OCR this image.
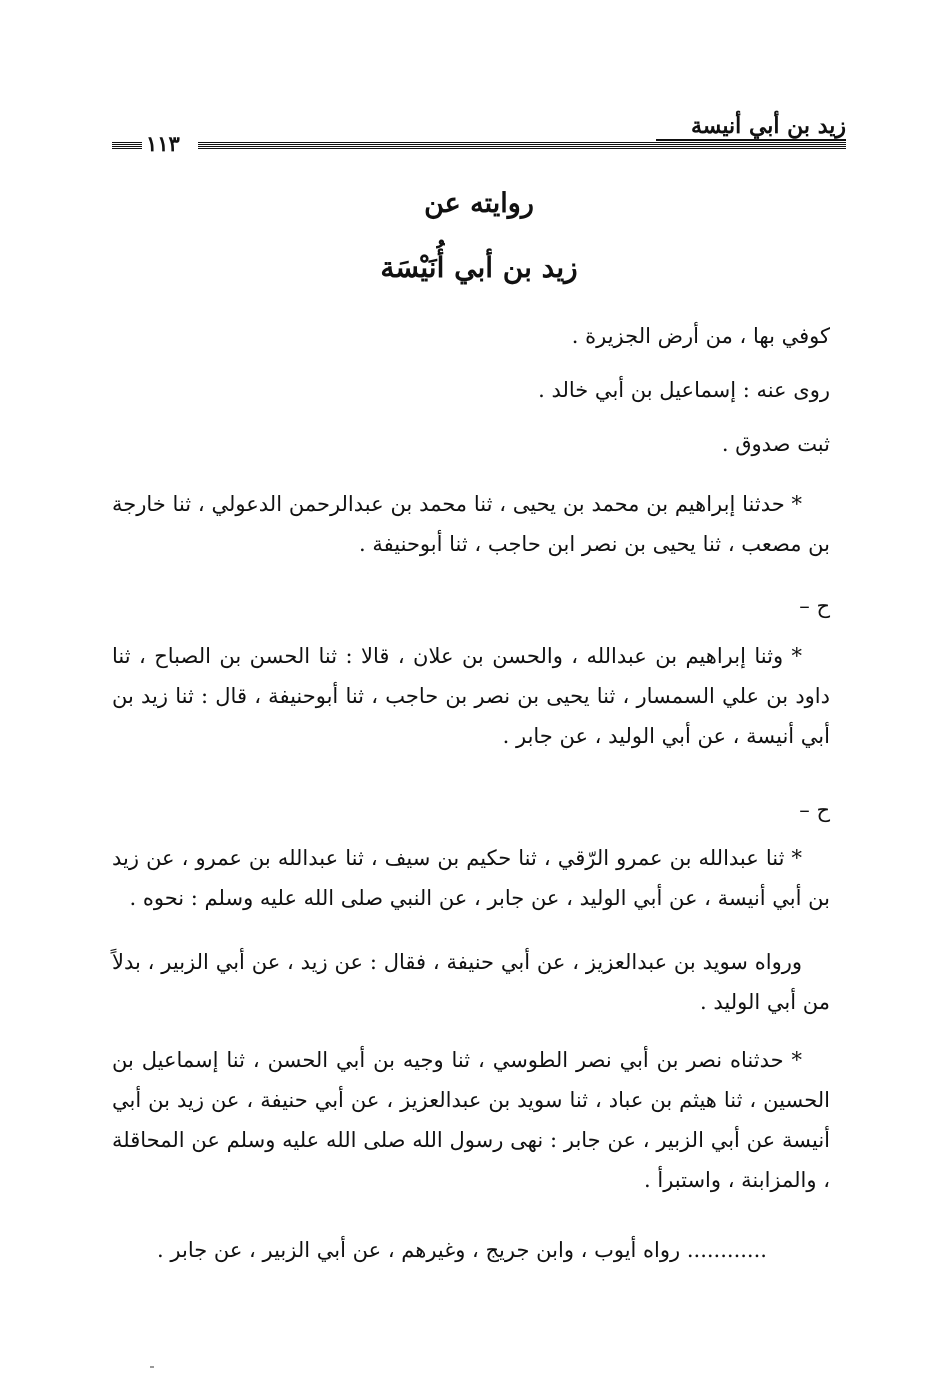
١١٣
زيد بن أبي أنيسة
روايته عن
زيد بن أبي أُنَيْسَة
كوفي بها ، من أرض الجزيرة .
روى عنه : إسماعيل بن أبي خالد .
ثبت صدوق .
* حدثنا إبراهيم بن محمد بن يحيى ، ثنا محمد بن عبدالرحمن الدعولي ، ثنا خارجة بن مصعب ، ثنا يحيى بن نصر ابن حاجب ، ثنا أبوحنيفة .
ح –
* وثنا إبراهيم بن عبدالله ، والحسن بن علان ، قالا : ثنا الحسن بن الصباح ، ثنا داود بن علي السمسار ، ثنا يحيى بن نصر بن حاجب ، ثنا أبوحنيفة ، قال : ثنا زيد بن أبي أنيسة ، عن أبي الوليد ، عن جابر .
ح –
* ثنا عبدالله بن عمرو الرّقي ، ثنا حكيم بن سيف ، ثنا عبدالله بن عمرو ، عن زيد بن أبي أنيسة ، عن أبي الوليد ، عن جابر ، عن النبي صلى الله عليه وسلم : نحوه .
ورواه سويد بن عبدالعزيز ، عن أبي حنيفة ، فقال : عن زيد ، عن أبي الزبير ، بدلاً من أبي الوليد .
* حدثناه نصر بن أبي نصر الطوسي ، ثنا وجيه بن أبي الحسن ، ثنا إسماعيل بن الحسين ، ثنا هيثم بن عباد ، ثنا سويد بن عبدالعزيز ، عن أبي حنيفة ، عن زيد بن أبي أنيسة عن أبي الزبير ، عن جابر : نهى رسول الله صلى الله عليه وسلم عن المحاقلة ، والمزابنة ، واستبرأ .
............ رواه أيوب ، وابن جريج ، وغيرهم ، عن أبي الزبير ، عن جابر .
